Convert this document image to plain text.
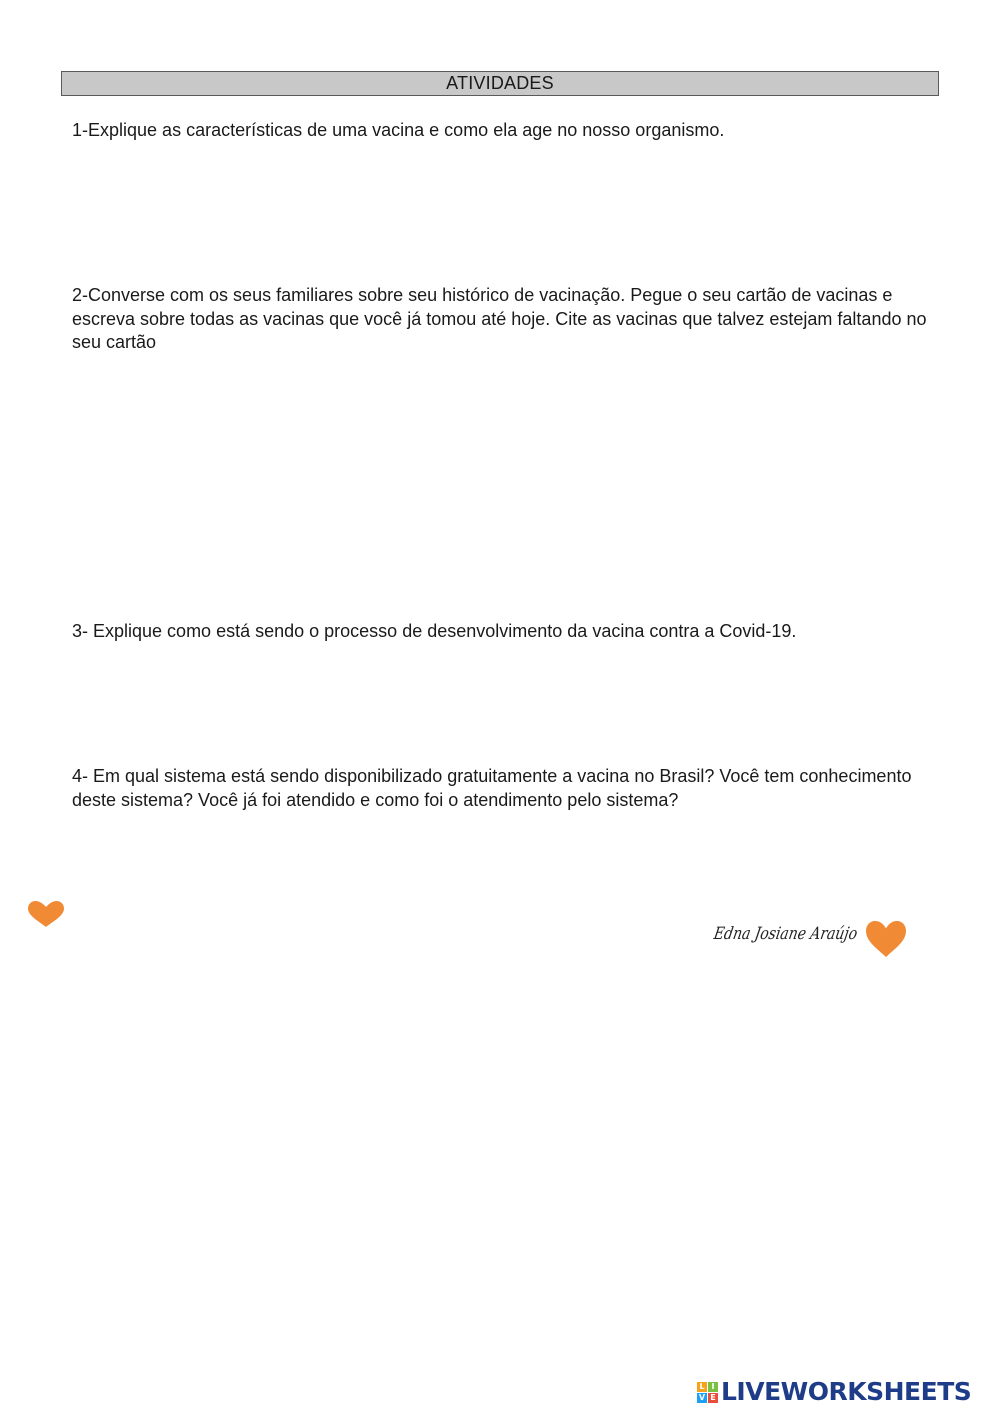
ATIVIDADES

1-Explique as características de uma vacina e como ela age no nosso organismo.

2-Converse com os seus familiares sobre seu histórico de vacinação. Pegue o seu cartão de vacinas e escreva sobre todas as vacinas que você já tomou até hoje. Cite as vacinas que talvez estejam faltando no seu cartão

3- Explique como está sendo o processo de desenvolvimento da vacina contra a Covid-19.

4- Em qual sistema está sendo disponibilizado gratuitamente a vacina no Brasil? Você tem conhecimento deste sistema? Você já foi atendido e como foi o atendimento pelo sistema?

Edna Josiane Araújo
L I
V E LIVEWORKSHEETS
